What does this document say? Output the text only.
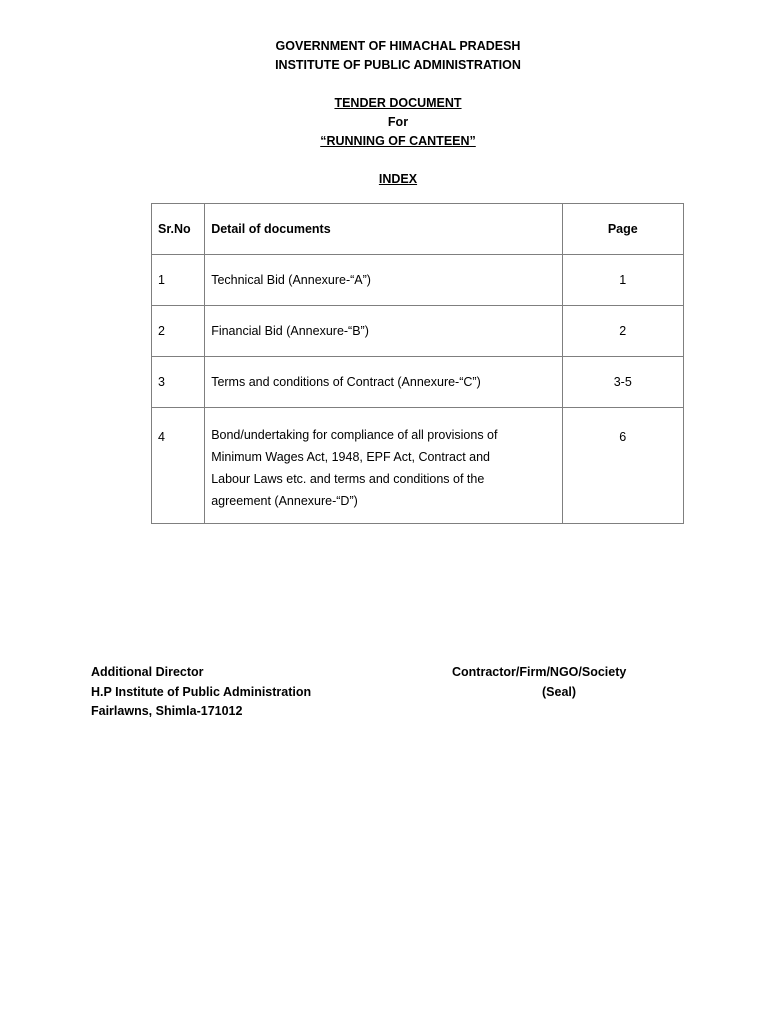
GOVERNMENT OF HIMACHAL PRADESH
INSTITUTE OF PUBLIC ADMINISTRATION
TENDER DOCUMENT
For
“RUNNING OF CANTEEN”
INDEX
Sr.No	Detail of documents	Page

1	Technical Bid (Annexure-“A”)	1

2	Financial Bid (Annexure-“B”)	2

3	Terms and conditions of Contract (Annexure-“C”)	3-5

4	Bond/undertaking for compliance of all provisions of
Minimum Wages Act, 1948, EPF Act, Contract and
Labour Laws etc. and terms and conditions of the
agreement (Annexure-“D”)	6
Additional Director
H.P Institute of Public Administration
Fairlawns, Shimla-171012
Contractor/Firm/NGO/Society
(Seal)
